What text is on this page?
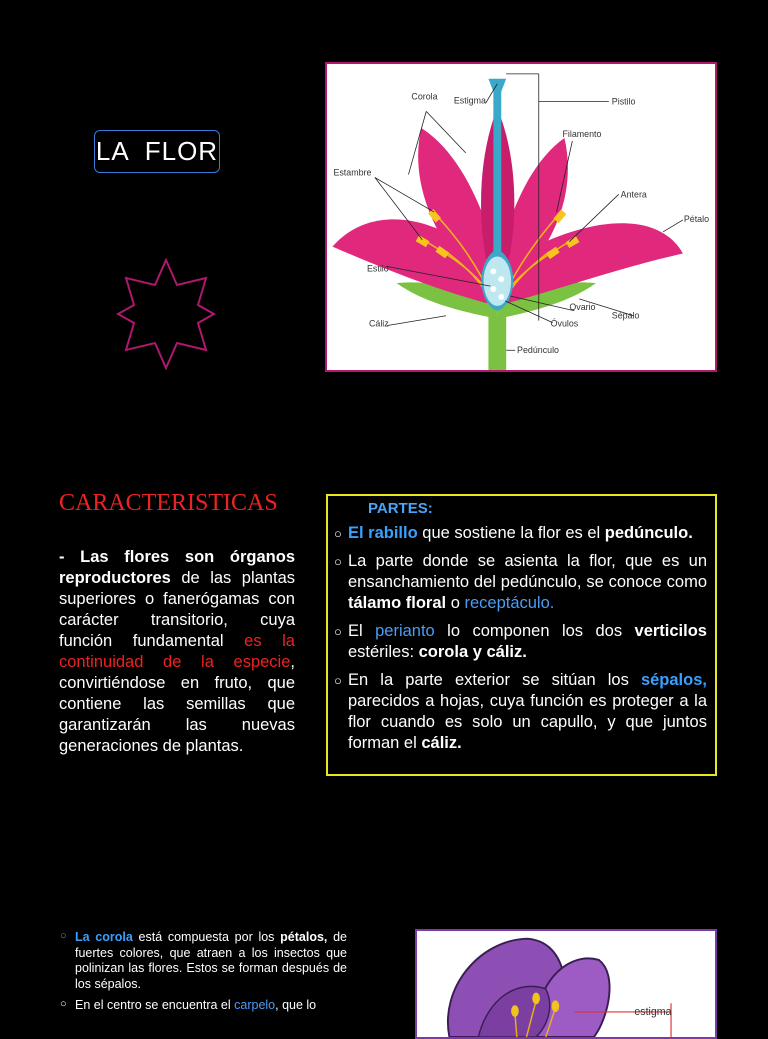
LA  FLOR
Corola Estigma	Pistilo
Filamento
Estambre
Antera
Pétalo
Estilo
Ovario
Sépalo
Cáliz	Óvulos
Pedúnculo
CARACTERISTICAS
- Las flores son órganos reproductores de las plantas superiores o fanerógamas con carácter transitorio, cuya función fundamental es la continuidad de la especie, convirtiéndose en fruto, que contiene las semillas que garantizarán las nuevas generaciones de plantas.
PARTES:
○ El rabillo que sostiene la flor es el pedúnculo.
○ La parte donde se asienta la flor, que es un ensanchamiento del pedúnculo, se conoce como tálamo floral o receptáculo.
○ El perianto lo componen los dos verticilos estériles: corola y cáliz.
○ En la parte exterior se sitúan los sépalos, parecidos a hojas, cuya función es proteger a la flor cuando es solo un capullo, y que juntos forman el cáliz.
○ La corola está compuesta por los pétalos, de fuertes colores, que atraen a los insectos que polinizan las flores. Estos se forman después de los sépalos.
○ En el centro se encuentra el carpelo, que lo	estigma
